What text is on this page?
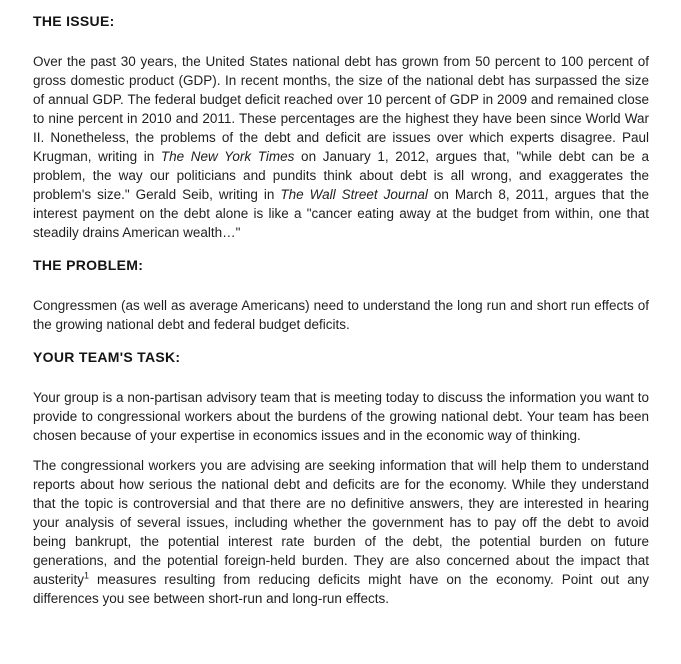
THE ISSUE:

Over the past 30 years, the United States national debt has grown from 50 percent to 100 percent of gross domestic product (GDP). In recent months, the size of the national debt has surpassed the size of annual GDP. The federal budget deficit reached over 10 percent of GDP in 2009 and remained close to nine percent in 2010 and 2011. These percentages are the highest they have been since World War II. Nonetheless, the problems of the debt and deficit are issues over which experts disagree. Paul Krugman, writing in The New York Times on January 1, 2012, argues that, "while debt can be a problem, the way our politicians and pundits think about debt is all wrong, and exaggerates the problem's size." Gerald Seib, writing in The Wall Street Journal on March 8, 2011, argues that the interest payment on the debt alone is like a "cancer eating away at the budget from within, one that steadily drains American wealth…"

THE PROBLEM:

Congressmen (as well as average Americans) need to understand the long run and short run effects of the growing national debt and federal budget deficits.

YOUR TEAM'S TASK:

Your group is a non-partisan advisory team that is meeting today to discuss the information you want to provide to congressional workers about the burdens of the growing national debt. Your team has been chosen because of your expertise in economics issues and in the economic way of thinking.

The congressional workers you are advising are seeking information that will help them to understand reports about how serious the national debt and deficits are for the economy. While they understand that the topic is controversial and that there are no definitive answers, they are interested in hearing your analysis of several issues, including whether the government has to pay off the debt to avoid being bankrupt, the potential interest rate burden of the debt, the potential burden on future generations, and the potential foreign-held burden. They are also concerned about the impact that austerity$^1$ measures resulting from reducing deficits might have on the economy. Point out any differences you see between short-run and long-run effects.
